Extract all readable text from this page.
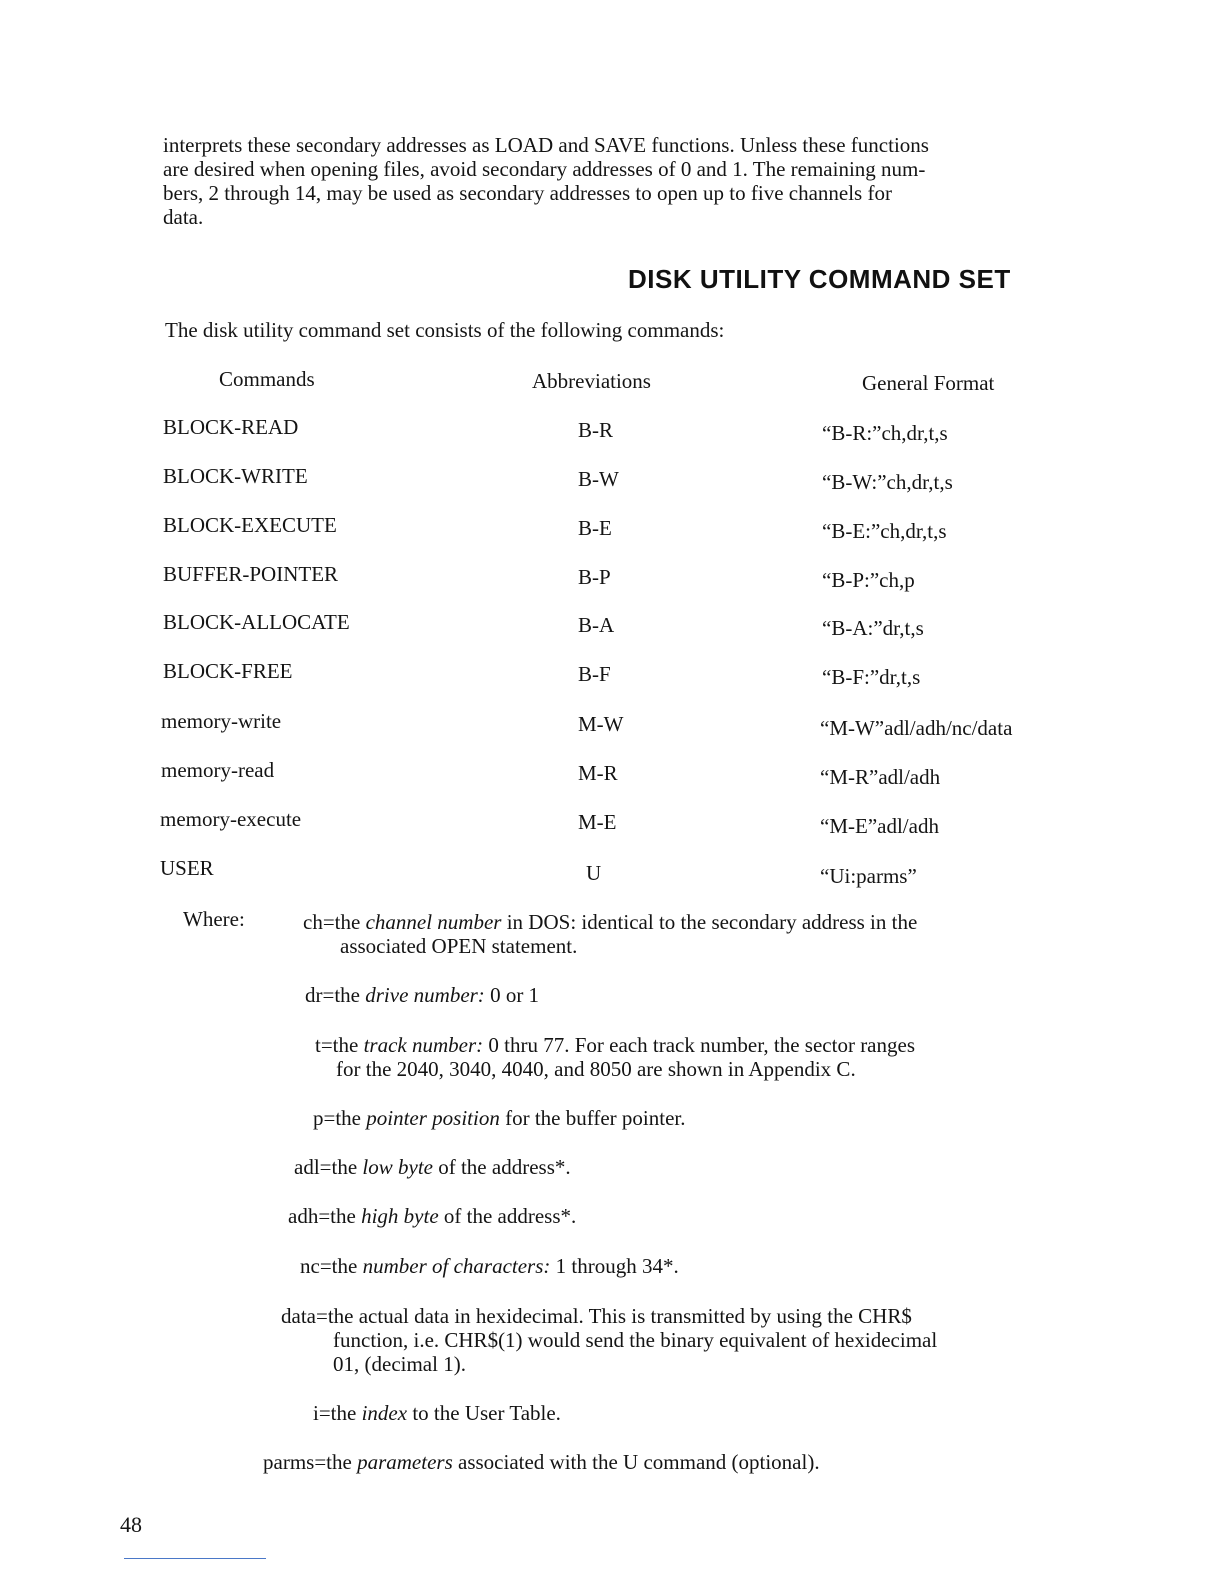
interprets these secondary addresses as LOAD and SAVE functions. Unless these functions
are desired when opening files, avoid secondary addresses of 0 and 1. The remaining num-
bers, 2 through 14, may be used as secondary addresses to open up to five channels for
data.
DISK UTILITY COMMAND SET
The disk utility command set consists of the following commands:
Commands	Abbreviations	General Format
BLOCK-READ	B-R	“B-R:”ch,dr,t,s
BLOCK-WRITE	B-W	“B-W:”ch,dr,t,s
BLOCK-EXECUTE	B-E	“B-E:”ch,dr,t,s
BUFFER-POINTER	B-P	“B-P:”ch,p
BLOCK-ALLOCATE	B-A	“B-A:”dr,t,s
BLOCK-FREE	B-F	“B-F:”dr,t,s
memory-write	M-W	“M-W”adl/adh/nc/data
memory-read	M-R	“M-R”adl/adh
memory-execute	M-E	“M-E”adl/adh
USER	U	“Ui:parms”
Where:	ch=the channel number in DOS: identical to the secondary address in the
associated OPEN statement.
dr=the drive number: 0 or 1
t=the track number: 0 thru 77. For each track number, the sector ranges
for the 2040, 3040, 4040, and 8050 are shown in Appendix C.
p=the pointer position for the buffer pointer.
adl=the low byte of the address*.
adh=the high byte of the address*.
nc=the number of characters: 1 through 34*.
data=the actual data in hexidecimal. This is transmitted by using the CHR$
function, i.e. CHR$(1) would send the binary equivalent of hexidecimal
01, (decimal 1).
i=the index to the User Table.
parms=the parameters associated with the U command (optional).
48
